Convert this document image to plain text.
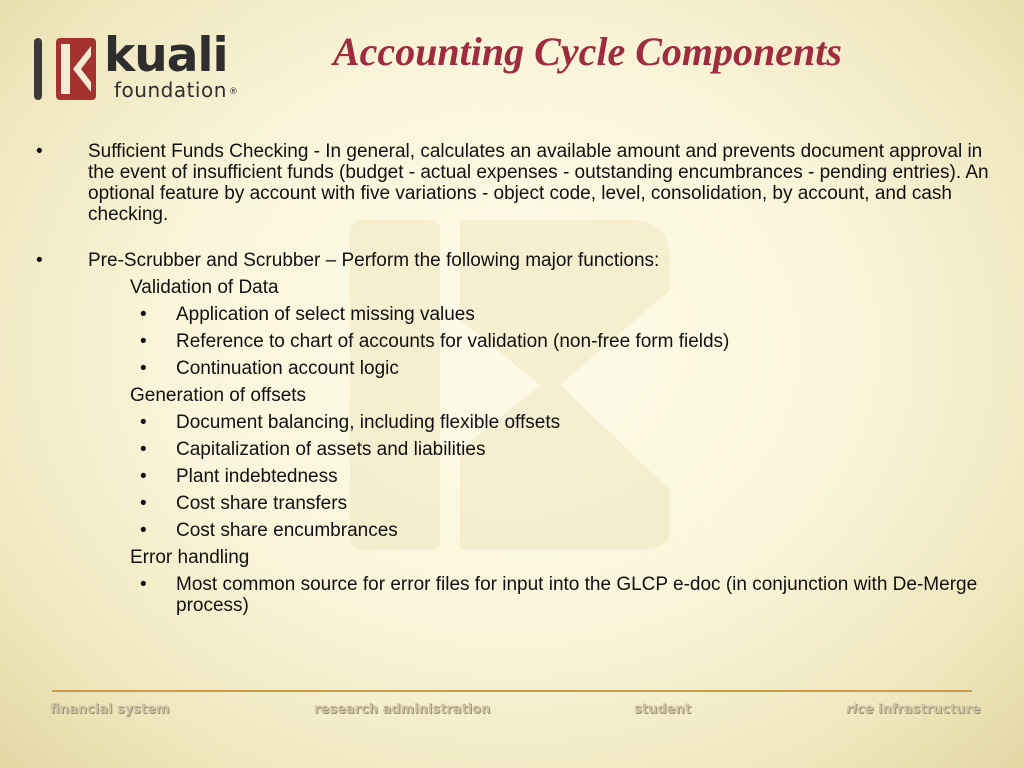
kuali
foundation ®
Accounting Cycle Components

• Sufficient Funds Checking - In general, calculates an available amount and prevents document approval in the event of insufficient funds (budget - actual expenses - outstanding encumbrances - pending entries). An optional feature by account with five variations - object code, level, consolidation, by account, and cash checking.

• Pre-Scrubber and Scrubber – Perform the following major functions:

Validation of Data
• Application of select missing values
• Reference to chart of accounts for validation (non-free form fields)
• Continuation account logic
Generation of offsets
• Document balancing, including flexible offsets
• Capitalization of assets and liabilities
• Plant indebtedness
• Cost share transfers
• Cost share encumbrances
Error handling
• Most common source for error files for input into the GLCP e-doc (in conjunction with De-Merge process)
financial system	research administration	student	rice infrastructure
